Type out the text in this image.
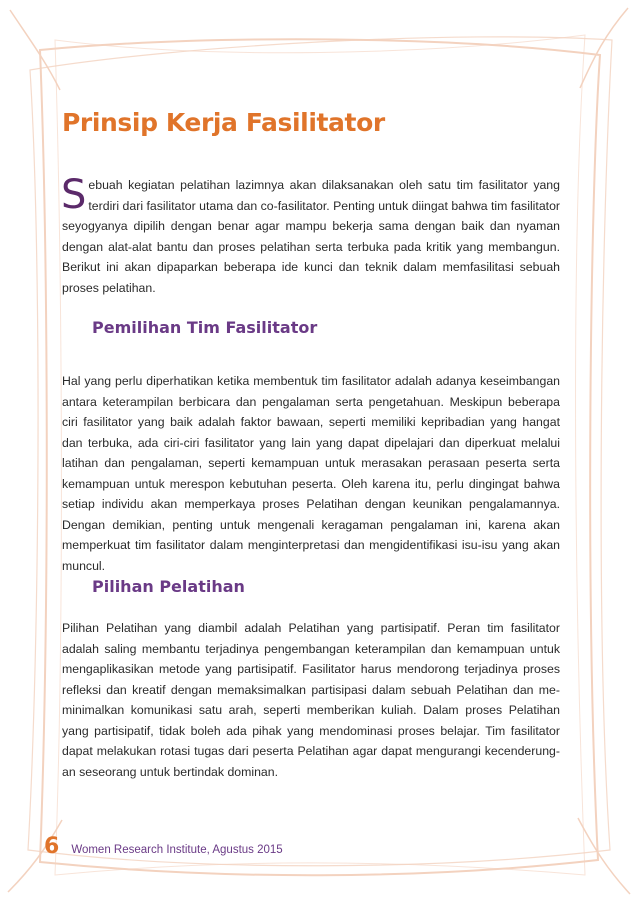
Prinsip Kerja Fasilitator

Sebuah kegiatan pelatihan lazimnya akan dilaksanakan oleh satu tim fasilitator yang terdiri dari fasilitator utama dan co-fasilitator. Penting untuk diingat bahwa tim fasilitator seyogyanya dipilih dengan benar agar mampu bekerja sama dengan baik dan nyaman dengan alat-alat bantu dan proses pelatihan serta terbuka pada kritik yang membangun. Berikut ini akan dipaparkan beberapa ide kunci dan teknik dalam memfasilitasi sebuah proses pelatihan.

Pemilihan Tim Fasilitator

Hal yang perlu diperhatikan ketika membentuk tim fasilitator adalah adanya keseimbangan antara keterampilan berbicara dan pengalaman serta pengetahuan. Meskipun beberapa ciri fasilitator yang baik adalah faktor bawaan, seperti memiliki kepribadian yang hangat dan terbuka, ada ciri-ciri fasilitator yang lain yang dapat dipelajari dan diperkuat melalui latihan dan pengalaman, seperti kemampuan untuk merasakan perasaan peserta serta kemampuan untuk merespon kebutuhan peserta. Oleh karena itu, perlu dingingat bahwa setiap individu akan memperkaya proses Pelatihan dengan keunikan pengalamannya. Dengan demikian, penting untuk mengenali keragaman pengalaman ini, karena akan memperkuat tim fasilitator dalam menginterpretasi dan mengidentifikasi isu-isu yang akan muncul.

Pilihan Pelatihan

Pilihan Pelatihan yang diambil adalah Pelatihan yang partisipatif. Peran tim fasilitator adalah saling membantu terjadinya pengembangan keterampilan dan kemampuan untuk mengaplikasikan metode yang partisipatif. Fasilitator harus mendorong terjadinya proses refleksi dan kreatif dengan memaksimalkan partisipasi dalam sebuah Pelatihan dan meminimalkan komunikasi satu arah, seperti memberikan kuliah. Dalam proses Pelatihan yang partisipatif, tidak boleh ada pihak yang mendominasi proses belajar. Tim fasilitator dapat melakukan rotasi tugas dari peserta Pelatihan agar dapat mengurangi kecenderungan seseorang untuk bertindak dominan.

6 Women Research Institute, Agustus 2015
